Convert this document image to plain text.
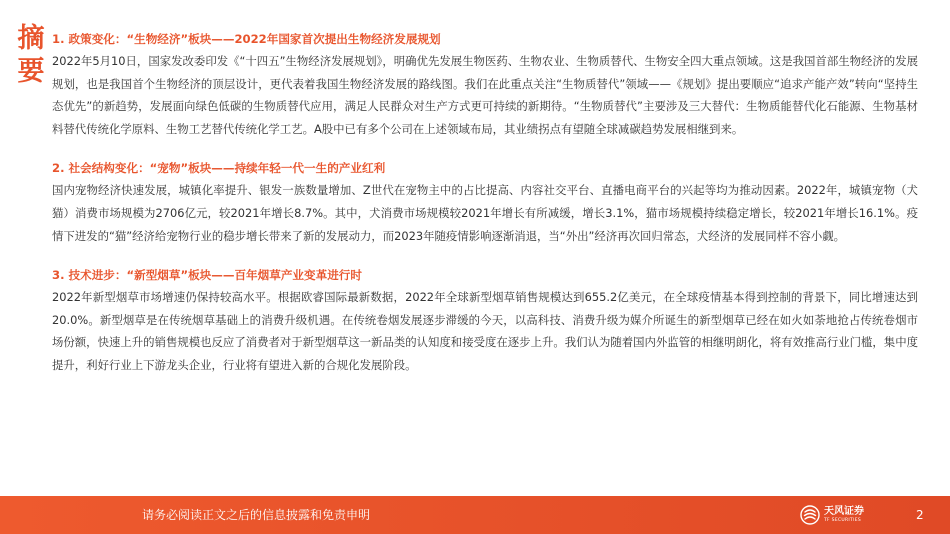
摘
要
1. 政策变化：“生物经济”板块——2022年国家首次提出生物经济发展规划

2022年5月10日，国家发改委印发《“十四五”生物经济发展规划》，明确优先发展生物医药、生物农业、生物质替代、生物安全四大重点领域。这是我国首部生物经济的发展规划，也是我国首个生物经济的顶层设计，更代表着我国生物经济发展的路线图。我们在此重点关注“生物质替代”领域——《规划》提出要顺应“追求产能产效”转向“坚持生态优先”的新趋势，发展面向绿色低碳的生物质替代应用，满足人民群众对生产方式更可持续的新期待。“生物质替代”主要涉及三大替代：生物质能替代化石能源、生物基材料替代传统化学原料、生物工艺替代传统化学工艺。A股中已有多个公司在上述领域布局，其业绩拐点有望随全球减碳趋势发展相继到来。

2. 社会结构变化：“宠物”板块——持续年轻一代一生的产业红利

国内宠物经济快速发展，城镇化率提升、银发一族数量增加、Z世代在宠物主中的占比提高、内容社交平台、直播电商平台的兴起等均为推动因素。2022年，城镇宠物（犬猫）消费市场规模为2706亿元，较2021年增长8.7%。其中，犬消费市场规模较2021年增长有所减缓，增长3.1%，猫市场规模持续稳定增长，较2021年增长16.1%。疫情下进发的“猫”经济给宠物行业的稳步增长带来了新的发展动力，而2023年随疫情影响逐渐消退，当“外出”经济再次回归常态，犬经济的发展同样不容小觑。

3. 技术进步：“新型烟草”板块——百年烟草产业变革进行时

2022年新型烟草市场增速仍保持较高水平。根据欧睿国际最新数据，2022年全球新型烟草销售规模达到655.2亿美元，在全球疫情基本得到控制的背景下，同比增速达到20.0%。新型烟草是在传统烟草基础上的消费升级机遇。在传统卷烟发展逐步滞缓的今天，以高科技、消费升级为媒介所诞生的新型烟草已经在如火如荼地抢占传统卷烟市场份额，快速上升的销售规模也反应了消费者对于新型烟草这一新品类的认知度和接受度在逐步上升。我们认为随着国内外监管的相继明朗化，将有效推高行业门槛，集中度提升，利好行业上下游龙头企业，行业将有望进入新的合规化发展阶段。

请务必阅读正文之后的信息披露和免责申明	天风证券
TF SECURITIES	2
